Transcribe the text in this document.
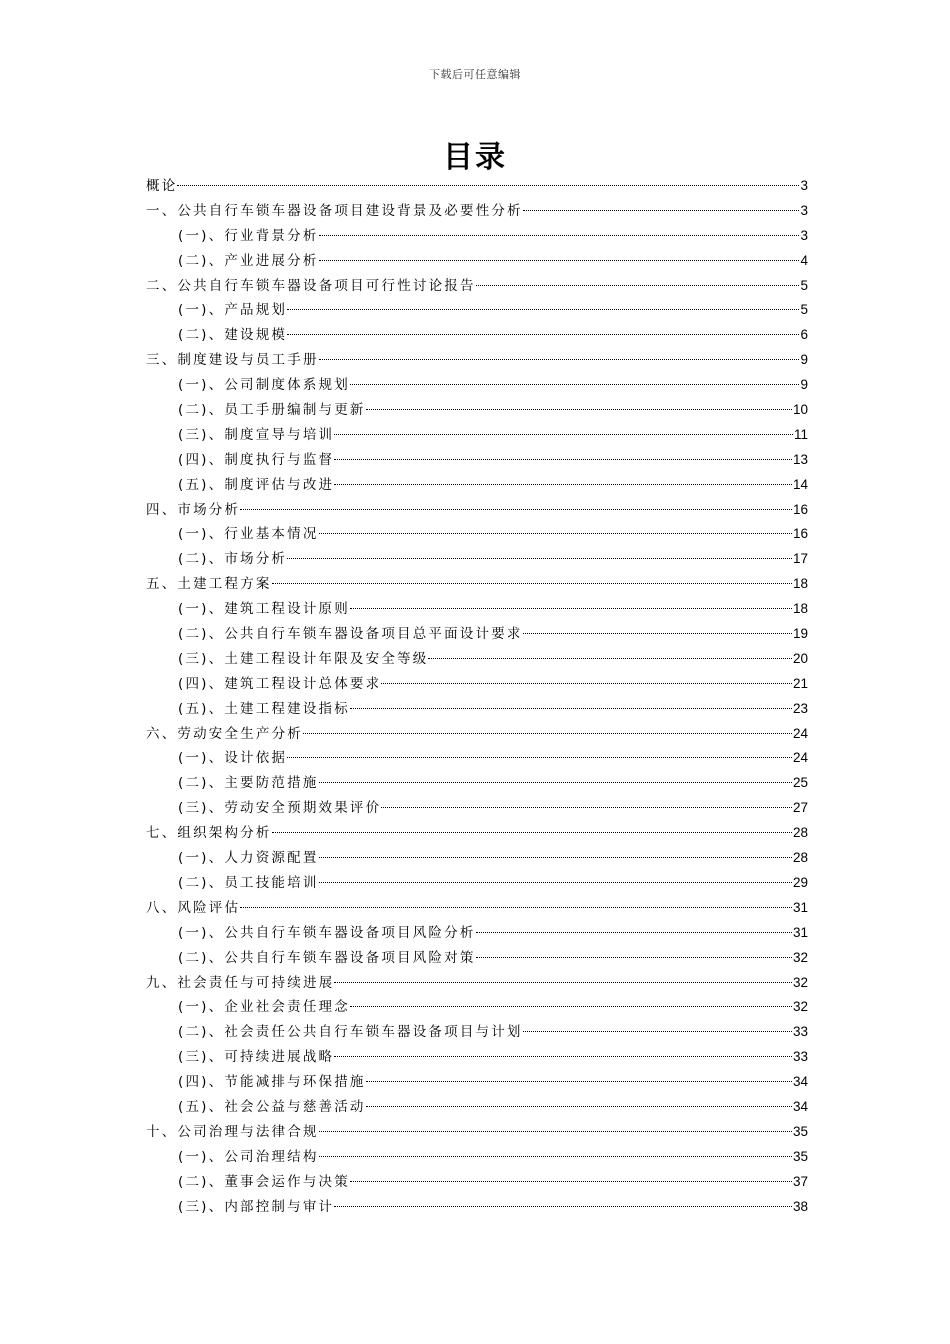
下载后可任意编辑
目录
概论	3
一、公共自行车锁车器设备项目建设背景及必要性分析	3
(一)、行业背景分析	3
(二)、产业进展分析	4
二、公共自行车锁车器设备项目可行性讨论报告	5
(一)、产品规划	5
(二)、建设规模	6
三、制度建设与员工手册	9
(一)、公司制度体系规划	9
(二)、员工手册编制与更新	10
(三)、制度宣导与培训	11
(四)、制度执行与监督	13
(五)、制度评估与改进	14
四、市场分析	16
(一)、行业基本情况	16
(二)、市场分析	17
五、土建工程方案	18
(一)、建筑工程设计原则	18
(二)、公共自行车锁车器设备项目总平面设计要求	19
(三)、土建工程设计年限及安全等级	20
(四)、建筑工程设计总体要求	21
(五)、土建工程建设指标	23
六、劳动安全生产分析	24
(一)、设计依据	24
(二)、主要防范措施	25
(三)、劳动安全预期效果评价	27
七、组织架构分析	28
(一)、人力资源配置	28
(二)、员工技能培训	29
八、风险评估	31
(一)、公共自行车锁车器设备项目风险分析	31
(二)、公共自行车锁车器设备项目风险对策	32
九、社会责任与可持续进展	32
(一)、企业社会责任理念	32
(二)、社会责任公共自行车锁车器设备项目与计划	33
(三)、可持续进展战略	33
(四)、节能减排与环保措施	34
(五)、社会公益与慈善活动	34
十、公司治理与法律合规	35
(一)、公司治理结构	35
(二)、董事会运作与决策	37
(三)、内部控制与审计	38
